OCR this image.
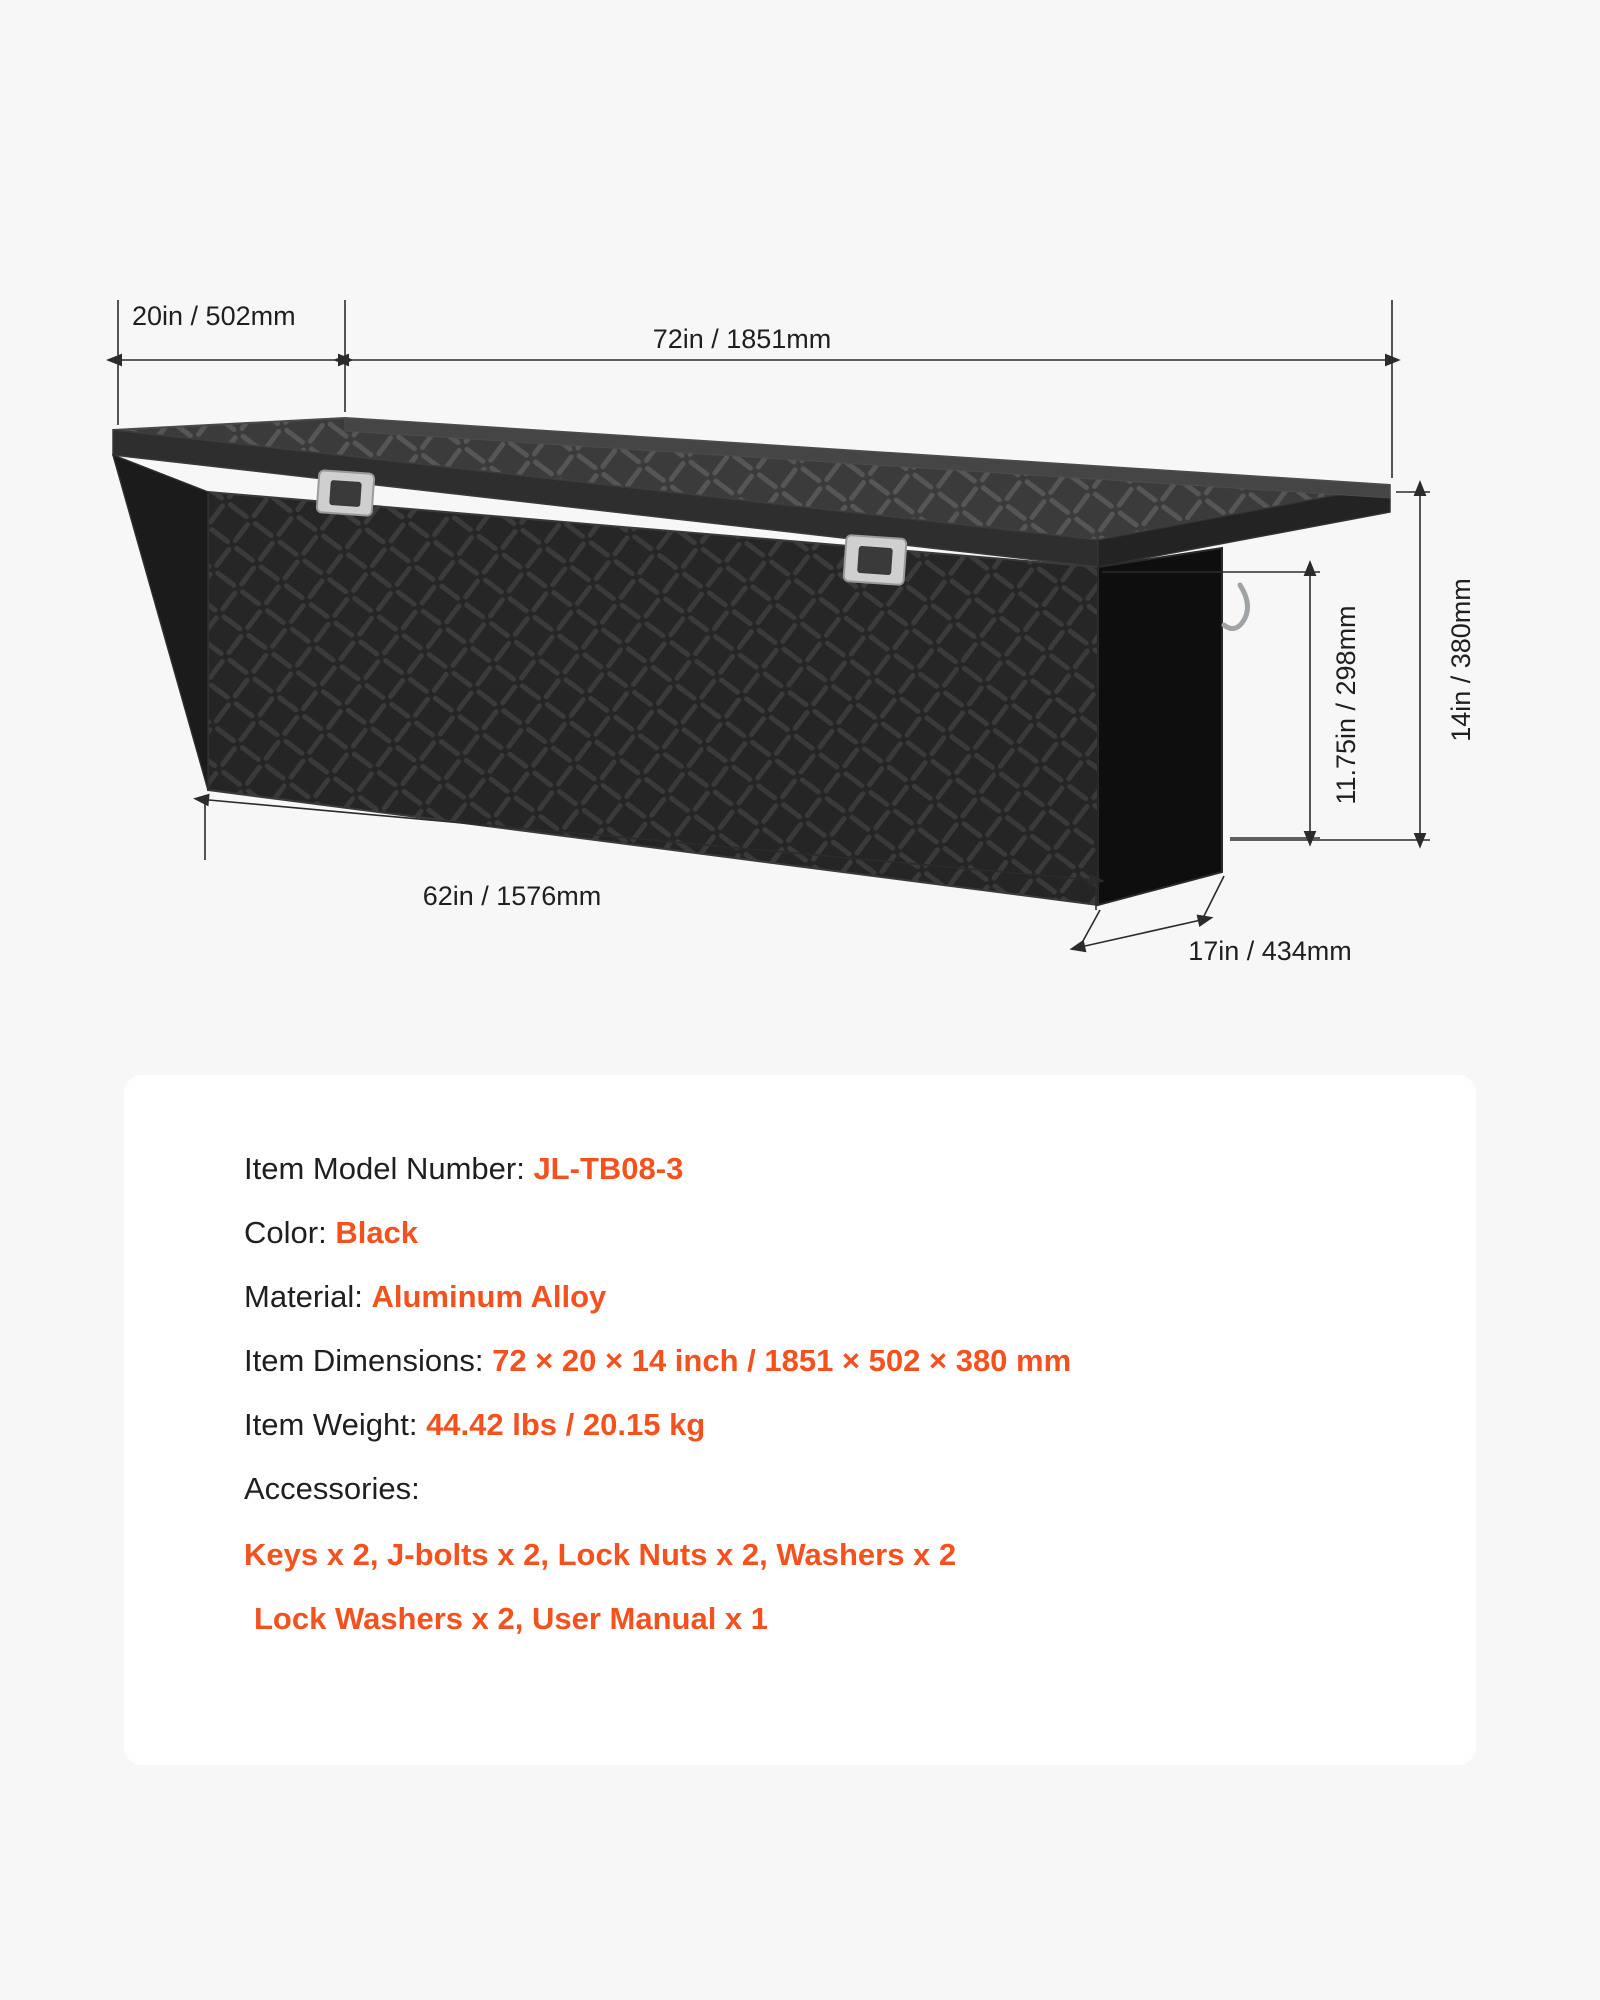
20in / 502mm
72in / 1851mm
14in / 380mm
11.75in / 298mm
62in / 1576mm
17in / 434mm
Item Model Number: JL-TB08-3
Color: Black
Material: Aluminum Alloy
Item Dimensions: 72 × 20 × 14 inch / 1851 × 502 × 380 mm
Item Weight: 44.42 lbs / 20.15 kg
Accessories:
Keys x 2, J-bolts x 2, Lock Nuts x 2, Washers x 2
Lock Washers x 2, User Manual x 1
